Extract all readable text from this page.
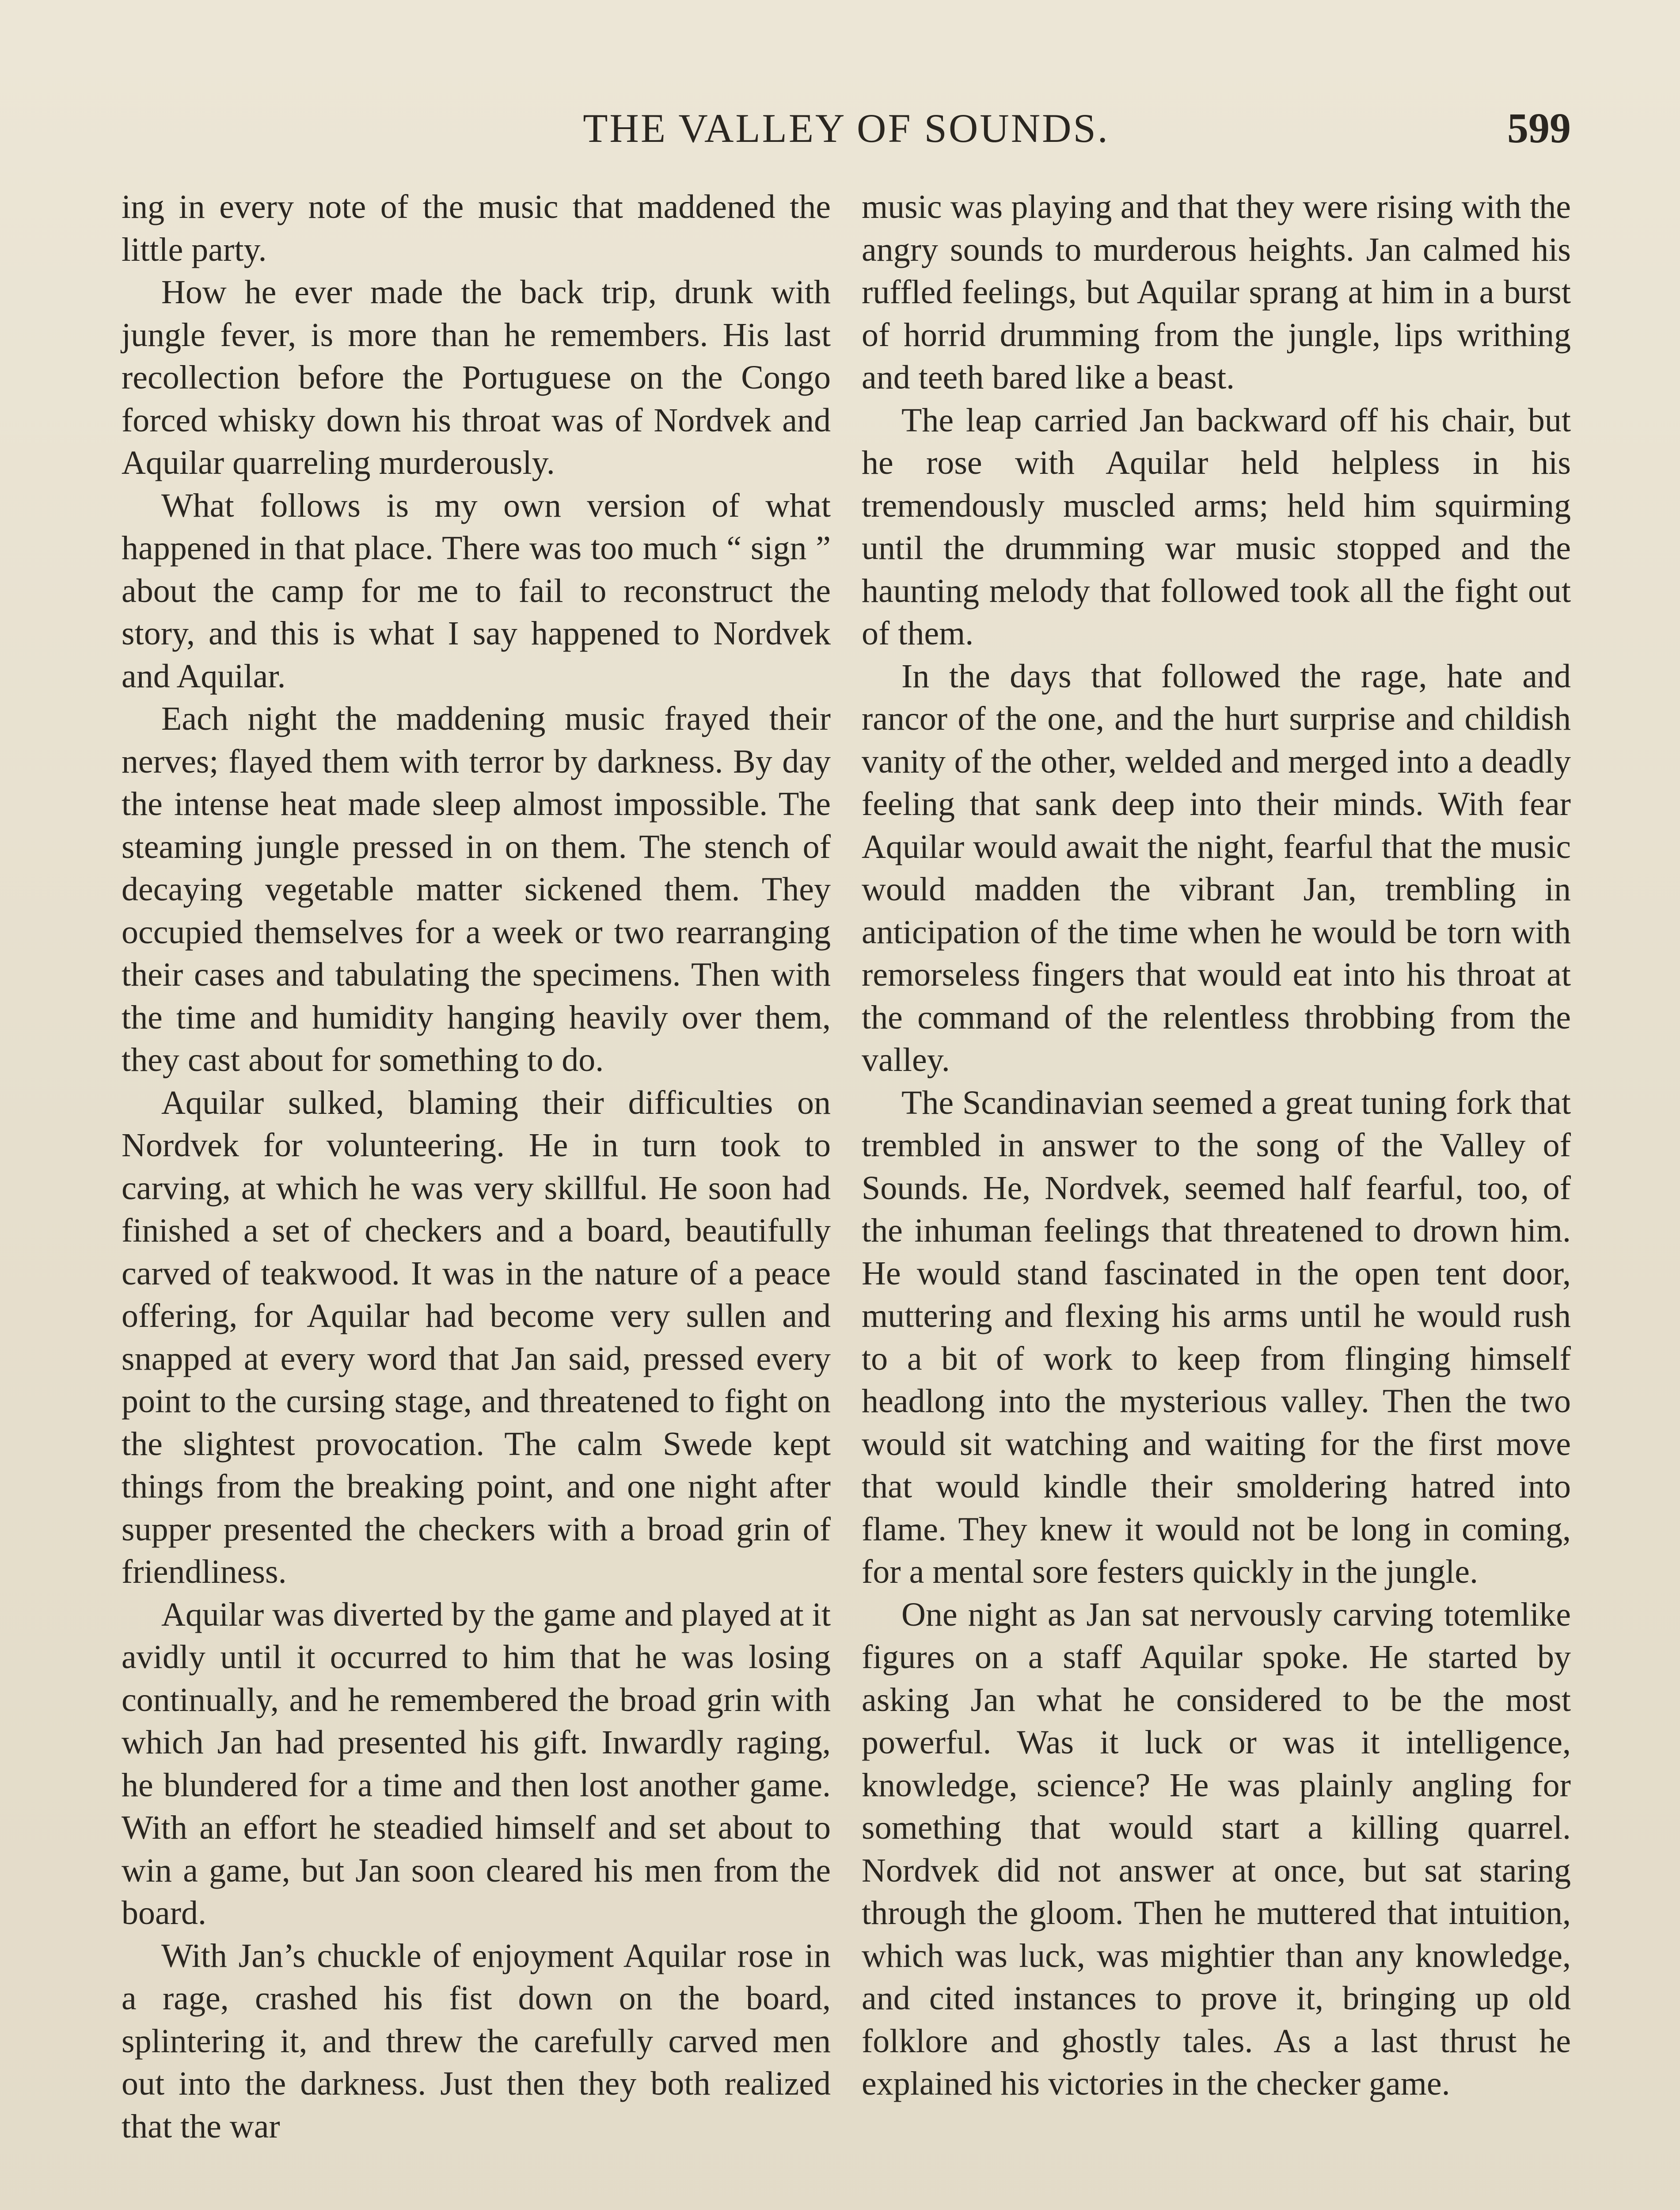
THE VALLEY OF SOUNDS.	599

ing in every note of the music that maddened the little party.

How he ever made the back trip, drunk with jungle fever, is more than he remembers. His last recollection before the Portuguese on the Congo forced whisky down his throat was of Nordvek and Aquilar quarreling murderously.

What follows is my own version of what happened in that place. There was too much “ sign ” about the camp for me to fail to reconstruct the story, and this is what I say happened to Nordvek and Aquilar.

Each night the maddening music frayed their nerves; flayed them with terror by darkness. By day the intense heat made sleep almost impossible. The steaming jungle pressed in on them. The stench of decaying vegetable matter sickened them. They occupied themselves for a week or two rearranging their cases and tabulating the specimens. Then with the time and humidity hanging heavily over them, they cast about for something to do.

Aquilar sulked, blaming their difficulties on Nordvek for volunteering. He in turn took to carving, at which he was very skillful. He soon had finished a set of checkers and a board, beautifully carved of teakwood. It was in the nature of a peace offering, for Aquilar had become very sullen and snapped at every word that Jan said, pressed every point to the cursing stage, and threatened to fight on the slightest provocation. The calm Swede kept things from the breaking point, and one night after supper presented the checkers with a broad grin of friendliness.

Aquilar was diverted by the game and played at it avidly until it occurred to him that he was losing continually, and he remembered the broad grin with which Jan had presented his gift. Inwardly raging, he blundered for a time and then lost another game. With an effort he steadied himself and set about to win a game, but Jan soon cleared his men from the board.

With Jan’s chuckle of enjoyment Aquilar rose in a rage, crashed his fist down on the board, splintering it, and threw the carefully carved men out into the darkness. Just then they both realized that the war

music was playing and that they were rising with the angry sounds to murderous heights. Jan calmed his ruffled feelings, but Aquilar sprang at him in a burst of horrid drumming from the jungle, lips writhing and teeth bared like a beast.

The leap carried Jan backward off his chair, but he rose with Aquilar held helpless in his tremendously muscled arms; held him squirming until the drumming war music stopped and the haunting melody that followed took all the fight out of them.

In the days that followed the rage, hate and rancor of the one, and the hurt surprise and childish vanity of the other, welded and merged into a deadly feeling that sank deep into their minds. With fear Aquilar would await the night, fearful that the music would madden the vibrant Jan, trembling in anticipation of the time when he would be torn with remorseless fingers that would eat into his throat at the command of the relentless throbbing from the valley.

The Scandinavian seemed a great tuning fork that trembled in answer to the song of the Valley of Sounds. He, Nordvek, seemed half fearful, too, of the inhuman feelings that threatened to drown him. He would stand fascinated in the open tent door, muttering and flexing his arms until he would rush to a bit of work to keep from flinging himself headlong into the mysterious valley. Then the two would sit watching and waiting for the first move that would kindle their smoldering hatred into flame. They knew it would not be long in coming, for a mental sore festers quickly in the jungle.

One night as Jan sat nervously carving totemlike figures on a staff Aquilar spoke. He started by asking Jan what he considered to be the most powerful. Was it luck or was it intelligence, knowledge, science? He was plainly angling for something that would start a killing quarrel. Nordvek did not answer at once, but sat staring through the gloom. Then he muttered that intuition, which was luck, was mightier than any knowledge, and cited instances to prove it, bringing up old folklore and ghostly tales. As a last thrust he explained his victories in the checker game.
